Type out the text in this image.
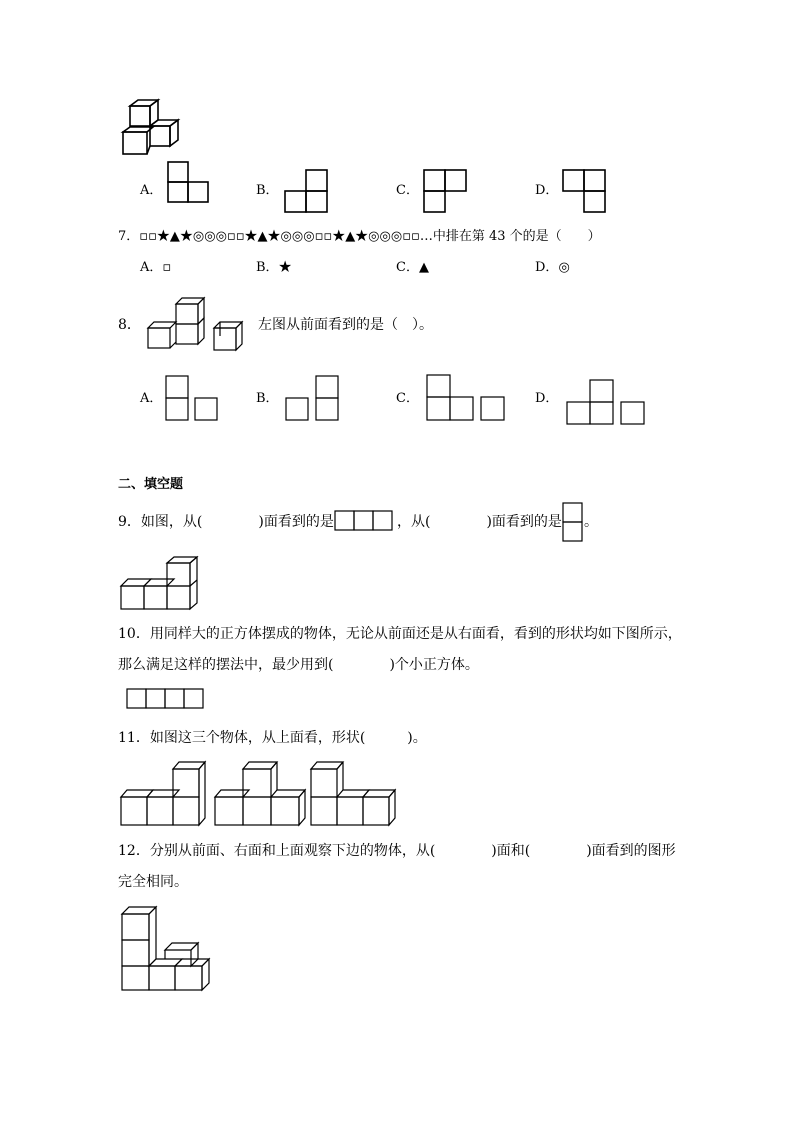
A．	B．	C．	D．
7．▫▫★▲★◎◎◎▫▫★▲★◎◎◎▫▫★▲★◎◎◎▫▫…中排在第 43 个的是（　　）
A．▫	B．★	C．▲	D．◎
8．	左图从前面看到的是（　）。
A．	B．	C．	D．
二、填空题
9．如图，从(　　　　)面看到的是	，从(　　　　)面看到的是 。
10．用同样大的正方体摆成的物体，无论从前面还是从右面看，看到的形状均如下图所示，
那么满足这样的摆法中，最少用到(　　　　)个小正方体。
11．如图这三个物体，从上面看，形状(　　　)。
12．分别从前面、右面和上面观察下边的物体，从(　　　　)面和(　　　　)面看到的图形
完全相同。
